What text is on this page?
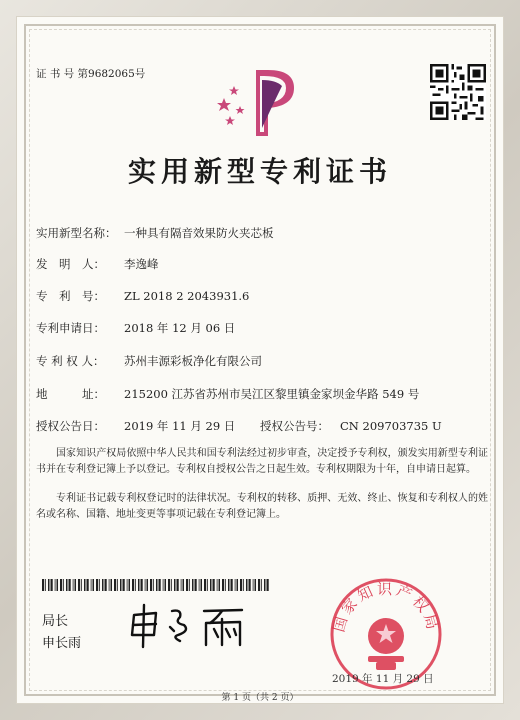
证 书 号 第9682065号
实用新型专利证书
实用新型名称： 一种具有隔音效果防火夹芯板
发　明　人： 李逸峰
专　利　号： ZL 2018 2 2043931.6
专利申请日： 2018 年 12 月 06 日
专 利 权 人： 苏州丰源彩板净化有限公司
地　　　址： 215200 江苏省苏州市吴江区黎里镇金家坝金华路 549 号
授权公告日： 2019 年 11 月 29 日 授权公告号： CN 209703735 U
国家知识产权局依照中华人民共和国专利法经过初步审查，决定授予专利权，颁发实用新型专利证书并在专利登记簿上予以登记。专利权自授权公告之日起生效。专利权期限为十年，自申请日起算。
专利证书记载专利权登记时的法律状况。专利权的转移、质押、无效、终止、恢复和专利权人的姓名或名称、国籍、地址变更等事项记载在专利登记簿上。
局长
申长雨
国家知识产权局
2019 年 11 月 29 日
第 1 页（共 2 页）
